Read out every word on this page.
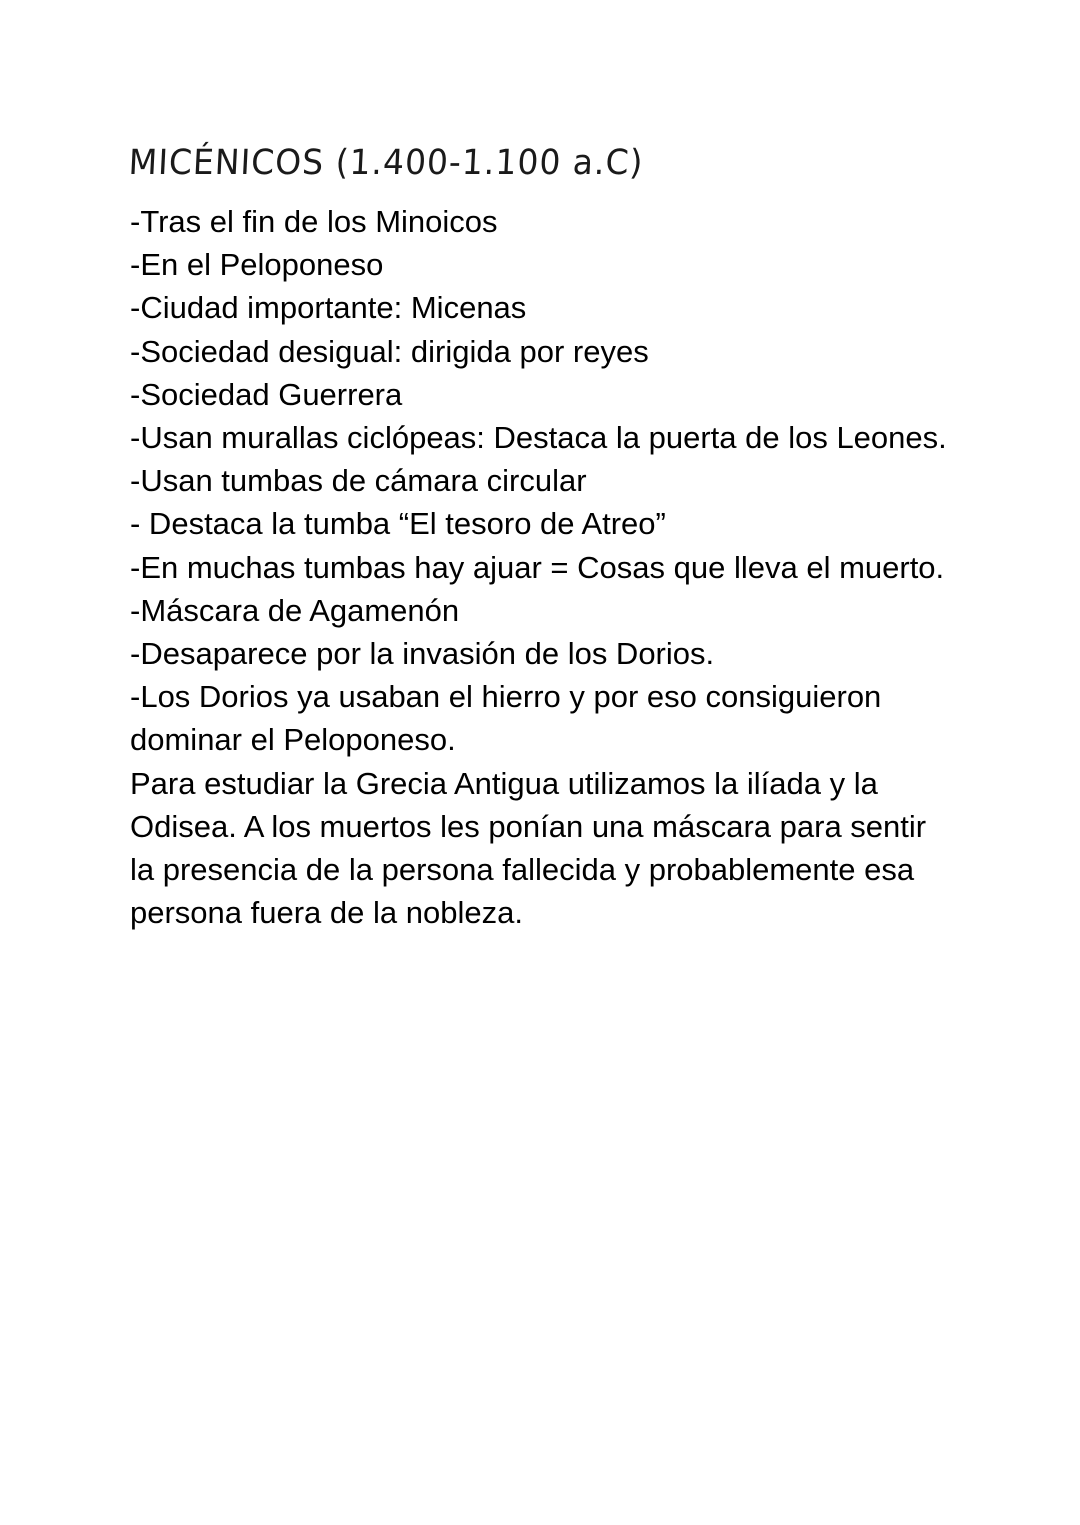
MICÉNICOS (1.400-1.100 a.C)
-Tras el fin de los Minoicos
-En el Peloponeso
-Ciudad importante: Micenas
-Sociedad desigual: dirigida por reyes
-Sociedad Guerrera
-Usan murallas ciclópeas: Destaca la puerta de los Leones.
-Usan tumbas de cámara circular
- Destaca la tumba “El tesoro de Atreo”
-En muchas tumbas hay ajuar = Cosas que lleva el muerto.
-Máscara de Agamenón
-Desaparece por la invasión de los Dorios.
-Los Dorios ya usaban el hierro y por eso consiguieron dominar el Peloponeso.
Para estudiar la Grecia Antigua utilizamos la ilíada y la Odisea. A los muertos les ponían una máscara para sentir la presencia de la persona fallecida y probablemente esa persona fuera de la nobleza.
